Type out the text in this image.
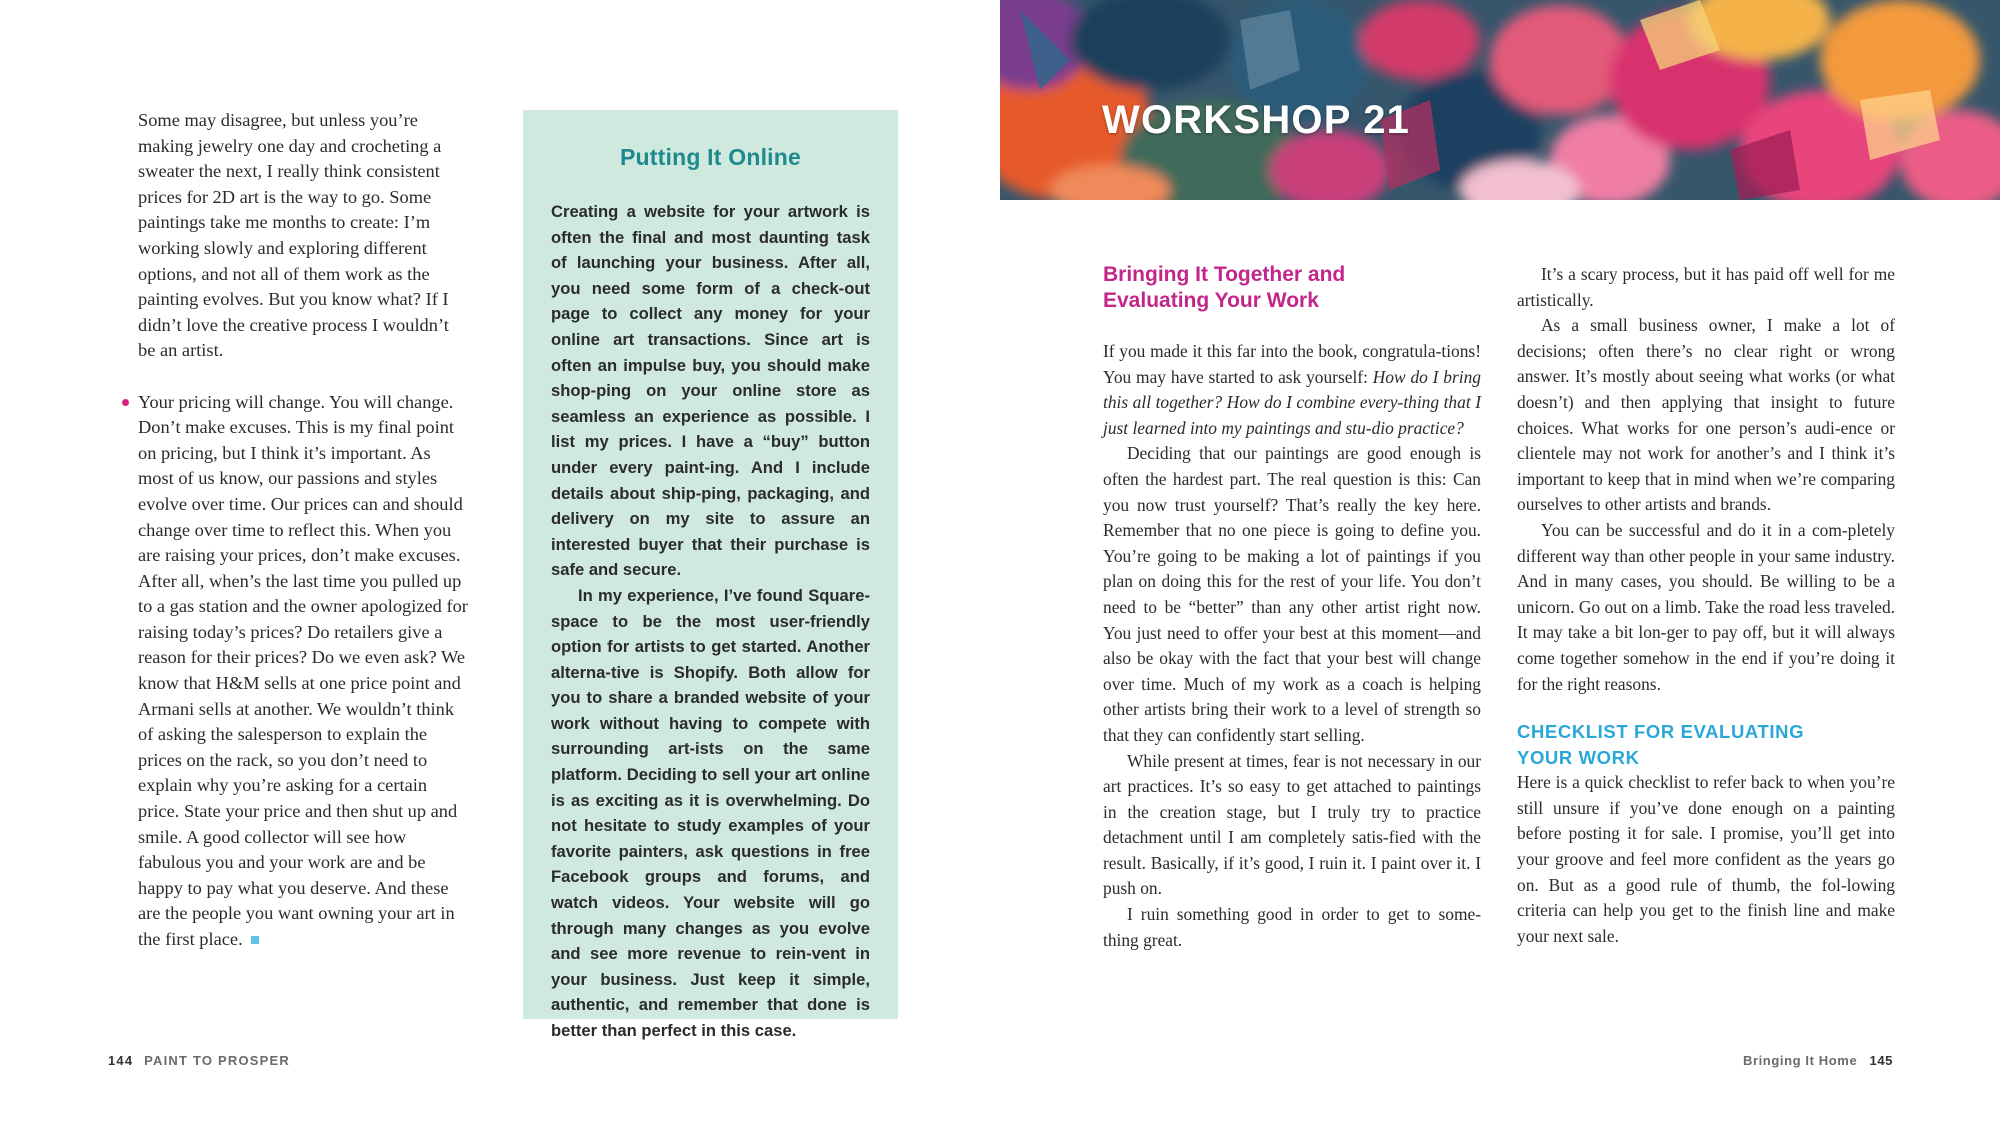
Some may disagree, but unless you’re making jewelry one day and crocheting a sweater the next, I really think consistent prices for 2D art is the way to go. Some paintings take me months to create: I’m working slowly and exploring different options, and not all of them work as the painting evolves. But you know what? If I didn’t love the creative process I wouldn’t be an artist.

Your pricing will change. You will change. Don’t make excuses. This is my final point on pricing, but I think it’s important. As most of us know, our passions and styles evolve over time. Our prices can and should change over time to reflect this. When you are raising your prices, don’t make excuses. After all, when’s the last time you pulled up to a gas station and the owner apologized for raising today’s prices? Do retailers give a reason for their prices? Do we even ask? We know that H&M sells at one price point and Armani sells at another. We wouldn’t think of asking the salesperson to explain the prices on the rack, so you don’t need to explain why you’re asking for a certain price. State your price and then shut up and smile. A good collector will see how fabulous you and your work are and be happy to pay what you deserve. And these are the people you want owning your art in the first place.

Putting It Online

Creating a website for your artwork is often the final and most daunting task of launching your business. After all, you need some form of a check-out page to collect any money for your online art transactions. Since art is often an impulse buy, you should make shop-ping on your online store as seamless an experience as possible. I list my prices. I have a “buy” button under every paint-ing. And I include details about ship-ping, packaging, and delivery on my site to assure an interested buyer that their purchase is safe and secure.

In my experience, I’ve found Square-space to be the most user-friendly option for artists to get started. Another alterna-tive is Shopify. Both allow for you to share a branded website of your work without having to compete with surrounding art-ists on the same platform. Deciding to sell your art online is as exciting as it is overwhelming. Do not hesitate to study examples of your favorite painters, ask questions in free Facebook groups and forums, and watch videos. Your website will go through many changes as you evolve and see more revenue to rein-vent in your business. Just keep it simple, authentic, and remember that done is better than perfect in this case.

WORKSHOP 21
Bringing It Together and
Evaluating Your Work

If you made it this far into the book, congratula-tions! You may have started to ask yourself: How do I bring this all together? How do I combine every-thing that I just learned into my paintings and stu-dio practice?

Deciding that our paintings are good enough is often the hardest part. The real question is this: Can you now trust yourself? That’s really the key here. Remember that no one piece is going to define you. You’re going to be making a lot of paintings if you plan on doing this for the rest of your life. You don’t need to be “better” than any other artist right now. You just need to offer your best at this moment—and also be okay with the fact that your best will change over time. Much of my work as a coach is helping other artists bring their work to a level of strength so that they can confidently start selling.

While present at times, fear is not necessary in our art practices. It’s so easy to get attached to paintings in the creation stage, but I truly try to practice detachment until I am completely satis-fied with the result. Basically, if it’s good, I ruin it. I paint over it. I push on.

I ruin something good in order to get to some-thing great.

It’s a scary process, but it has paid off well for me artistically.

As a small business owner, I make a lot of decisions; often there’s no clear right or wrong answer. It’s mostly about seeing what works (or what doesn’t) and then applying that insight to future choices. What works for one person’s audi-ence or clientele may not work for another’s and I think it’s important to keep that in mind when we’re comparing ourselves to other artists and brands.

You can be successful and do it in a com-pletely different way than other people in your same industry. And in many cases, you should. Be willing to be a unicorn. Go out on a limb. Take the road less traveled. It may take a bit lon-ger to pay off, but it will always come together somehow in the end if you’re doing it for the right reasons.

CHECKLIST FOR EVALUATING
YOUR WORK

Here is a quick checklist to refer back to when you’re still unsure if you’ve done enough on a painting before posting it for sale. I promise, you’ll get into your groove and feel more confident as the years go on. But as a good rule of thumb, the fol-lowing criteria can help you get to the finish line and make your next sale.

144 PAINT TO PROSPER	Bringing It Home 145
